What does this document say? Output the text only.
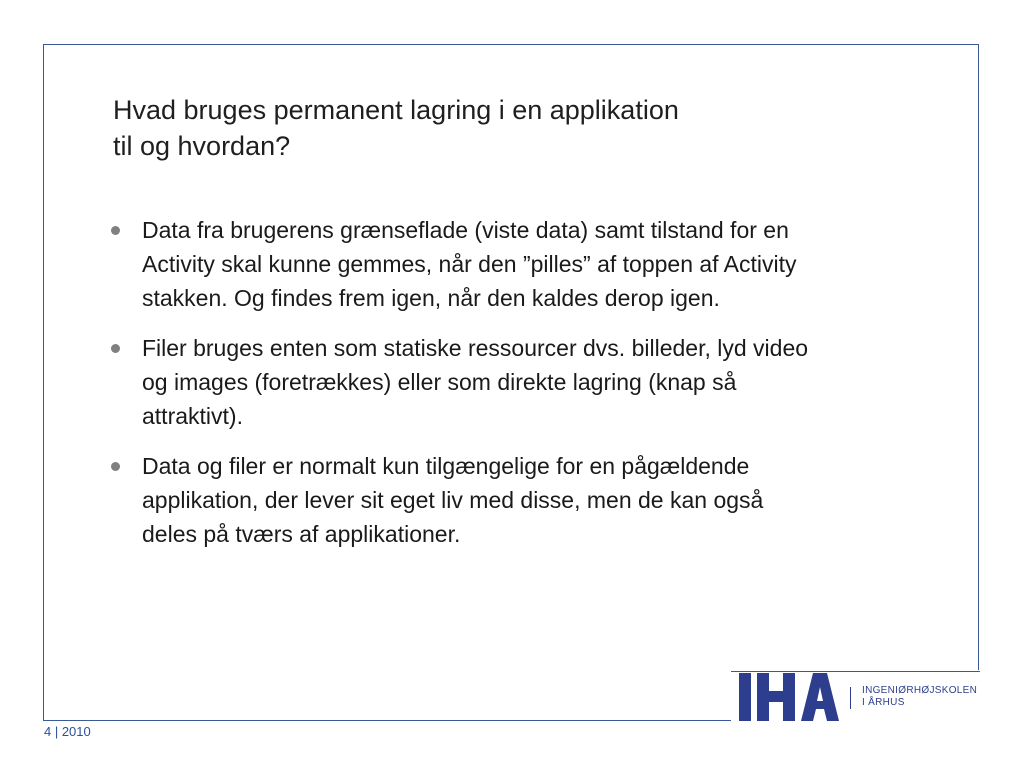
Hvad bruges permanent lagring i en applikation
til og hvordan?
Data fra brugerens grænseflade (viste data) samt tilstand for en Activity skal kunne gemmes, når den ”pilles” af toppen af Activity stakken. Og findes frem igen, når den kaldes derop igen.
Filer bruges enten som statiske ressourcer dvs. billeder, lyd video og images (foretrækkes) eller som direkte lagring (knap så attraktivt).
Data og filer er normalt kun tilgængelige for en pågældende applikation, der lever sit eget liv med disse, men de kan også deles på tværs af applikationer.
4 | 2010
INGENIØRHØJSKOLEN
I ÅRHUS
